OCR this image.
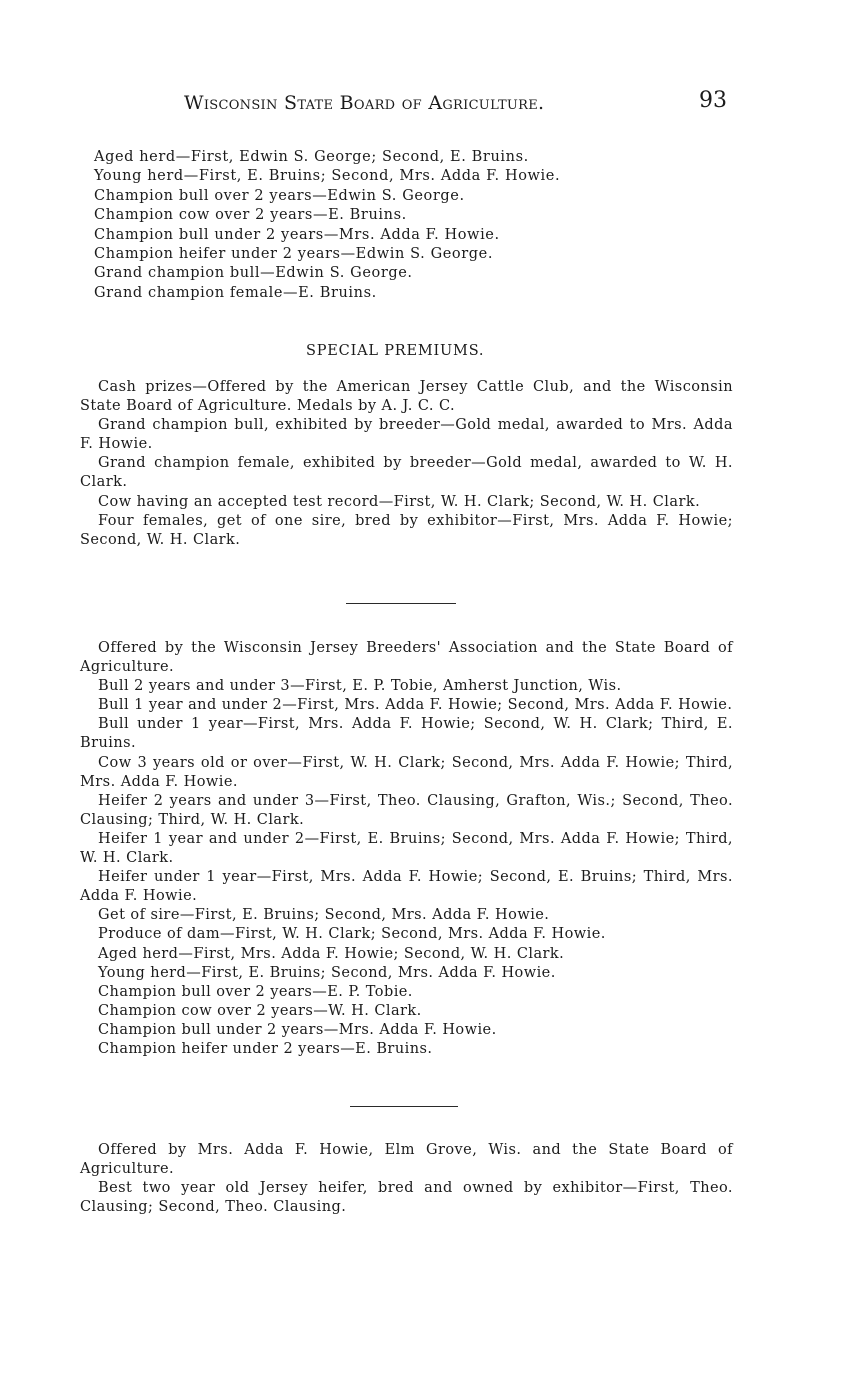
Wisconsin State Board of Agriculture.	93
Aged herd—First, Edwin S. George; Second, E. Bruins.
Young herd—First, E. Bruins; Second, Mrs. Adda F. Howie.
Champion bull over 2 years—Edwin S. George.
Champion cow over 2 years—E. Bruins.
Champion bull under 2 years—Mrs. Adda F. Howie.
Champion heifer under 2 years—Edwin S. George.
Grand champion bull—Edwin S. George.
Grand champion female—E. Bruins.
SPECIAL PREMIUMS.

Cash prizes—Offered by the American Jersey Cattle Club, and the Wisconsin State Board of Agriculture. Medals by A. J. C. C.

Grand champion bull, exhibited by breeder—Gold medal, awarded to Mrs. Adda F. Howie.

Grand champion female, exhibited by breeder—Gold medal, awarded to W. H. Clark.

Cow having an accepted test record—First, W. H. Clark; Second, W. H. Clark.

Four females, get of one sire, bred by exhibitor—First, Mrs. Adda F. Howie; Second, W. H. Clark.

Offered by the Wisconsin Jersey Breeders' Association and the State Board of Agriculture.

Bull 2 years and under 3—First, E. P. Tobie, Amherst Junction, Wis.

Bull 1 year and under 2—First, Mrs. Adda F. Howie; Second, Mrs. Adda F. Howie.

Bull under 1 year—First, Mrs. Adda F. Howie; Second, W. H. Clark; Third, E. Bruins.

Cow 3 years old or over—First, W. H. Clark; Second, Mrs. Adda F. Howie; Third, Mrs. Adda F. Howie.

Heifer 2 years and under 3—First, Theo. Clausing, Grafton, Wis.; Second, Theo. Clausing; Third, W. H. Clark.

Heifer 1 year and under 2—First, E. Bruins; Second, Mrs. Adda F. Howie; Third, W. H. Clark.

Heifer under 1 year—First, Mrs. Adda F. Howie; Second, E. Bruins; Third, Mrs. Adda F. Howie.

Get of sire—First, E. Bruins; Second, Mrs. Adda F. Howie.

Produce of dam—First, W. H. Clark; Second, Mrs. Adda F. Howie.

Aged herd—First, Mrs. Adda F. Howie; Second, W. H. Clark.

Young herd—First, E. Bruins; Second, Mrs. Adda F. Howie.

Champion bull over 2 years—E. P. Tobie.

Champion cow over 2 years—W. H. Clark.

Champion bull under 2 years—Mrs. Adda F. Howie.

Champion heifer under 2 years—E. Bruins.

Offered by Mrs. Adda F. Howie, Elm Grove, Wis. and the State Board of Agriculture.

Best two year old Jersey heifer, bred and owned by exhibitor—First, Theo. Clausing; Second, Theo. Clausing.
